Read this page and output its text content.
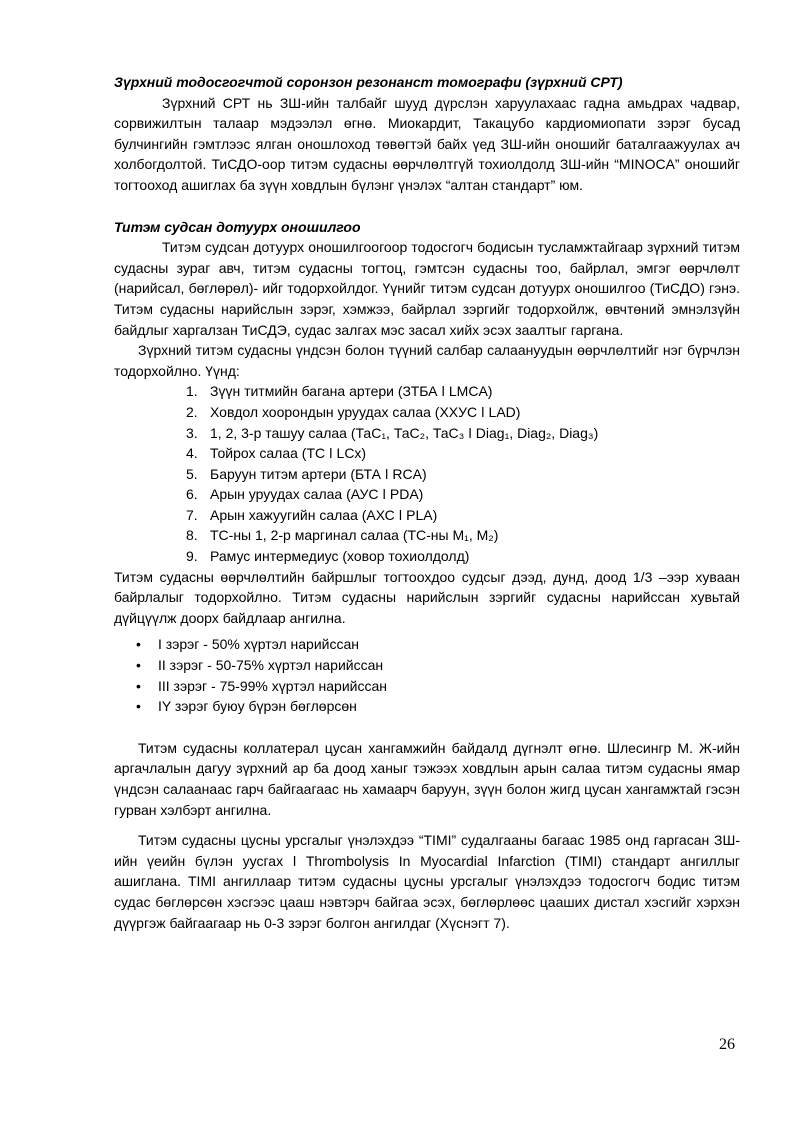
Зүрхний тодосгогчтой соронзон резонанст томографи (зүрхний СРТ)

Зүрхний СРТ нь ЗШ-ийн талбайг шууд дүрслэн харуулахаас гадна амьдрах чадвар, сорвижилтын талаар мэдээлэл өгнө. Миокардит, Такацубо кардиомиопати зэрэг бусад булчингийн гэмтлээс ялган оношлоход төвөгтэй байх үед ЗШ-ийн оношийг баталгаажуулах ач холбогдолтой. ТиСДО-оор титэм судасны өөрчлөлтгүй тохиолдолд ЗШ-ийн “MINOCA” оношийг тогтооход ашиглах ба зүүн ховдлын бүлэнг үнэлэх “алтан стандарт” юм.

Титэм судсан дотуурх оношилгоо

Титэм судсан дотуурх оношилгоогоор тодосгогч бодисын тусламжтайгаар зүрхний титэм судасны зураг авч, титэм судасны тогтоц, гэмтсэн судасны тоо, байрлал, эмгэг өөрчлөлт (нарийсал, бөглөрөл)- ийг тодорхойлдог. Үүнийг титэм судсан дотуурх оношилгоо (ТиСДО) гэнэ. Титэм судасны нарийслын зэрэг, хэмжээ, байрлал зэргийг тодорхойлж, өвчтөний эмнэлзүйн байдлыг харгалзан ТиСДЭ, судас залгах мэс засал хийх эсэх заалтыг гаргана.

Зүрхний титэм судасны үндсэн болон түүний салбар салаануудын өөрчлөлтийг нэг бүрчлэн тодорхойлно. Үүнд:

1. Зүүн титмийн багана артери (ЗТБА ǀ LMCA)
2. Ховдол хоорондын уруудах салаа (ХХУС ǀ LAD)
3. 1, 2, 3-р ташуу салаа (ТаС₁, ТаС₂, ТаС₃ ǀ Diag₁, Diag₂, Diag₃)
4. Тойрох салаа (ТС ǀ LCx)
5. Баруун титэм артери (БТА ǀ RCA)
6. Арын уруудах салаа (АУС ǀ PDA)
7. Арын хажуугийн салаа (АХС ǀ PLA)
8. ТС-ны 1, 2-р маргинал салаа (ТС-ны M₁, M₂)
9. Рамус интермедиус (ховор тохиолдолд)

Титэм судасны өөрчлөлтийн байршлыг тогтоохдоо судсыг дээд, дунд, доод 1/3 –ээр хуваан байрлалыг тодорхойлно. Титэм судасны нарийслын зэргийг судасны нарийссан хувьтай дүйцүүлж доорх байдлаар ангилна.

•	I зэрэг - 50% хүртэл нарийссан
•	II зэрэг - 50-75% хүртэл нарийссан
•	III зэрэг - 75-99% хүртэл нарийссан
•	IY зэрэг буюу бүрэн бөглөрсөн

Титэм судасны коллатерал цусан хангамжийн байдалд дүгнэлт өгнө. Шлесингр М. Ж-ийн аргачлалын дагуу зүрхний ар ба доод ханыг тэжээх ховдлын арын салаа титэм судасны ямар үндсэн салаанаас гарч байгаагаас нь хамаарч баруун, зүүн болон жигд цусан хангамжтай гэсэн гурван хэлбэрт ангилна.

Титэм судасны цусны урсгалыг үнэлэхдээ “TIMI” судалгааны багаас 1985 онд гаргасан ЗШ-ийн үеийн бүлэн уусгах ǀ Thrombolysis In Myocardial Infarction (TIMI) стандарт ангиллыг ашиглана. TIMI ангиллаар титэм судасны цусны урсгалыг үнэлэхдээ тодосгогч бодис титэм судас бөглөрсөн хэсгээс цааш нэвтэрч байгаа эсэх, бөглөрлөөс цааших дистал хэсгийг хэрхэн дүүргэж байгаагаар нь 0-3 зэрэг болгон ангилдаг (Хүснэгт 7).

26
